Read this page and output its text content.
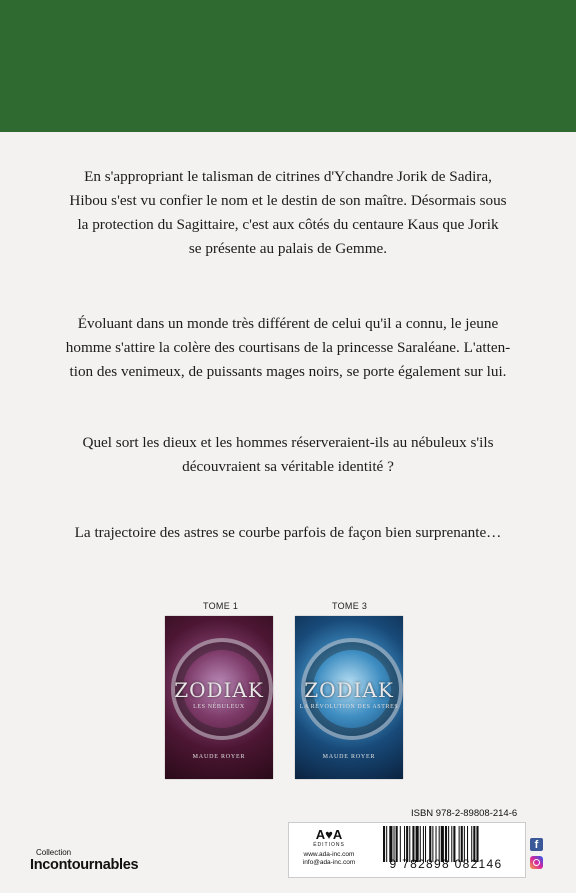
En s'appropriant le talisman de citrines d'Ychandre Jorik de Sadira,
Hibou s'est vu confier le nom et le destin de son maître. Désormais sous
la protection du Sagittaire, c'est aux côtés du centaure Kaus que Jorik
se présente au palais de Gemme.
Évoluant dans un monde très différent de celui qu'il a connu, le jeune
homme s'attire la colère des courtisans de la princesse Saraléane. L'atten-
tion des venimeux, de puissants mages noirs, se porte également sur lui.
Quel sort les dieux et les hommes réserveraient-ils au nébuleux s'ils
découvraient sa véritable identité ?
La trajectoire des astres se courbe parfois de façon bien surprenante…
TOME 1
ZODIAK
LES NÉBULEUX
MAUDE ROYER
TOME 3
ZODIAK
LA RÉVOLUTION DES ASTRES
MAUDE ROYER
ISBN 978-2-89808-214-6
A♥A
ÉDITIONS
www.ada-inc.com
info@ada-inc.com	9 782898 082146
f
Collection
Incontournables
